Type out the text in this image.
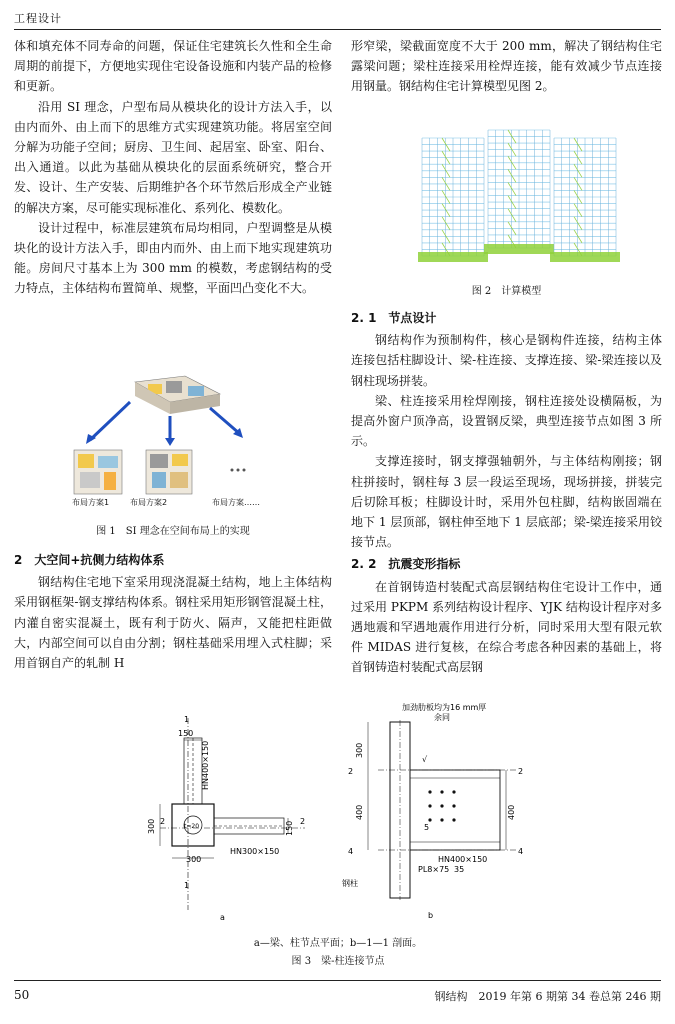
工程设计

体和填充体不同寿命的问题，保证住宅建筑长久性和全生命周期的前提下，方便地实现住宅设备设施和内装产品的检修和更新。

沿用 SI 理念，户型布局从模块化的设计方法入手，以由内而外、由上而下的思维方式实现建筑功能。将居室空间分解为功能子空间；厨房、卫生间、起居室、卧室、阳台、出入通道。以此为基础从模块化的层面系统研究，整合开发、设计、生产安装、后期维护各个环节然后形成全产业链的解决方案，尽可能实现标准化、系列化、模数化。

设计过程中，标准层建筑布局均相同，户型调整是从模块化的设计方法入手，即由内而外、由上而下地实现建筑功能。房间尺寸基本上为 300 mm 的模数，考虑钢结构的受力特点，主体结构布置简单、规整，平面凹凸变化不大。

布局方案1	布局方案2	布局方案……
图 1　SI 理念在空间布局上的实现
2　大空间+抗侧力结构体系

钢结构住宅地下室采用现浇混凝土结构，地上主体结构采用钢框架-钢支撑结构体系。钢柱采用矩形钢管混凝土柱，内灌自密实混凝土，既有利于防火、隔声，又能把柱距做大，内部空间可以自由分割；钢柱基础采用埋入式柱脚；采用首钢自产的轧制 H

形窄梁，梁截面宽度不大于 200 mm，解决了钢结构住宅露梁问题；梁柱连接采用栓焊连接，能有效减少节点连接用钢量。钢结构住宅计算模型见图 2。

图 2　计算模型
2. 1　节点设计

钢结构作为预制构件，核心是钢构件连接，结构主体连接包括柱脚设计、梁-柱连接、支撑连接、梁-梁连接以及钢柱现场拼装。

梁、柱连接采用栓焊刚接，钢柱连接处设横隔板，为提高外窗户顶净高，设置钢反梁，典型连接节点如图 3 所示。

支撑连接时，钢支撑强轴朝外，与主体结构刚接；钢柱拼接时，钢柱每 3 层一段运至现场，现场拼接，拼装完后切除耳板；柱脚设计时，采用外包柱脚，结构嵌固端在地下 1 层顶部，钢柱伸至地下 1 层底部；梁-梁连接采用铰接节点。

2. 2　抗震变形指标

在首钢铸造村装配式高层钢结构住宅设计工作中，通过采用 PKPM 系列结构设计程序、YJK 结构设计程序对多遇地震和罕遇地震作用进行分析，同时采用大型有限元软件 MIDAS 进行复核，在综合考虑各种因素的基础上，将首钢铸造村装配式高层钢

1
1
2	2
t=20
HN400×150
HN300×150
150
300
300
150
a
加劲肋板均为16 mm厚
余同
2
4
2
4
5
√
300
400	400
HN400×150
PL8×75 35
钢柱
b
a—梁、柱节点平面；b—1—1 剖面。
图 3　梁-柱连接节点
50	钢结构　2019 年第 6 期第 34 卷总第 246 期
